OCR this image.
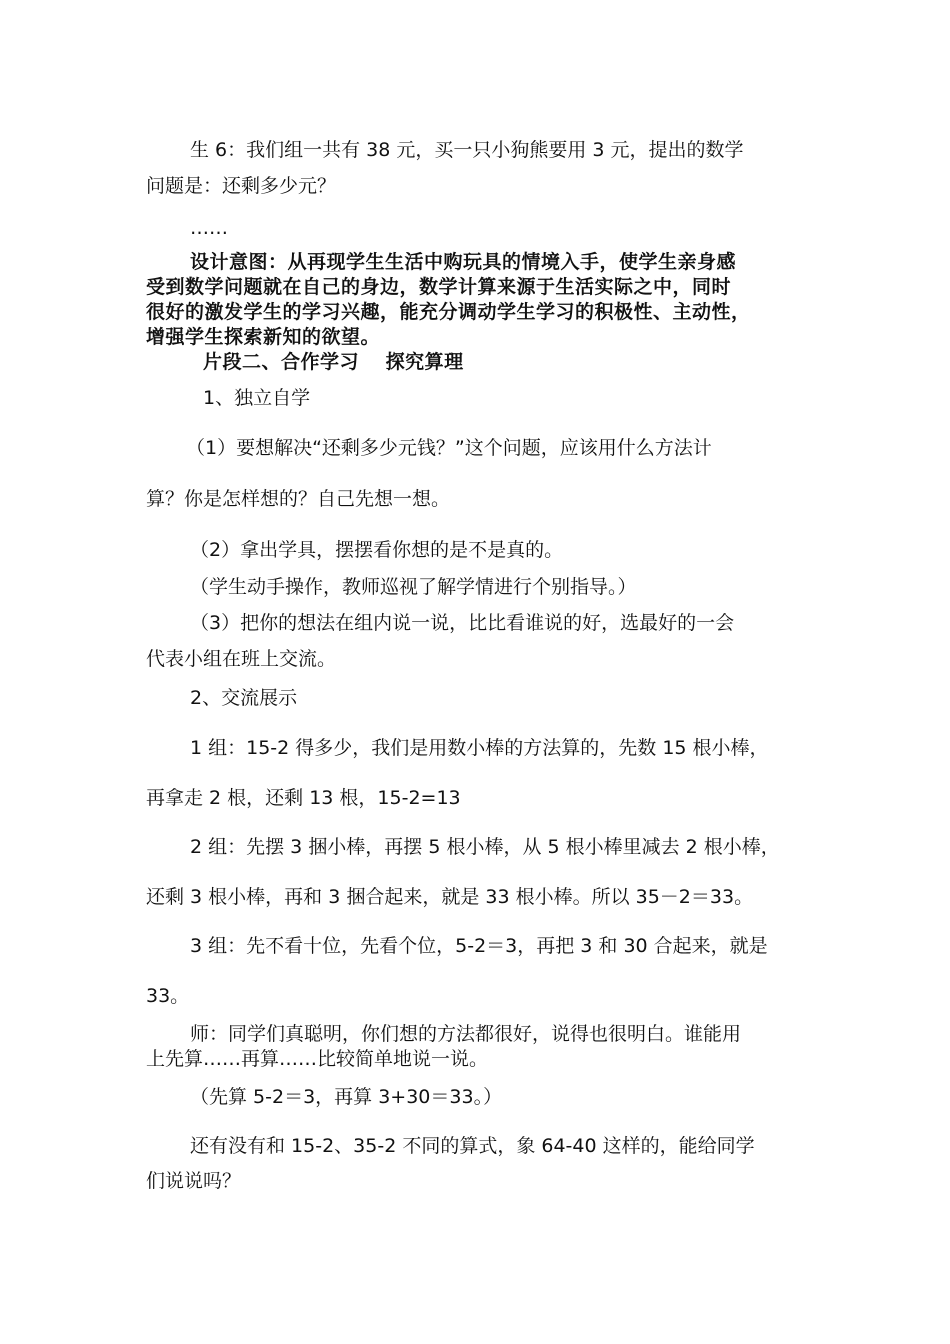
生 6：我们组一共有 38 元，买一只小狗熊要用 3 元，提出的数学
问题是：还剩多少元？
……
设计意图：从再现学生生活中购玩具的情境入手，使学生亲身感
受到数学问题就在自己的身边，数学计算来源于生活实际之中，同时
很好的激发学生的学习兴趣，能充分调动学生学习的积极性、主动性，
增强学生探索新知的欲望。
片段二、合作学习　 探究算理
1、独立自学
（1）要想解决“还剩多少元钱？”这个问题，应该用什么方法计
算？你是怎样想的？自己先想一想。
（2）拿出学具，摆摆看你想的是不是真的。
（学生动手操作，教师巡视了解学情进行个别指导。）
（3）把你的想法在组内说一说，比比看谁说的好，选最好的一会
代表小组在班上交流。
2、交流展示
1 组：15-2 得多少，我们是用数小棒的方法算的，先数 15 根小棒，
再拿走 2 根，还剩 13 根，15-2=13
2 组：先摆 3 捆小棒，再摆 5 根小棒，从 5 根小棒里减去 2 根小棒，
还剩 3 根小棒，再和 3 捆合起来，就是 33 根小棒。所以 35－2＝33。
3 组：先不看十位，先看个位，5-2＝3，再把 3 和 30 合起来，就是
33。
师：同学们真聪明，你们想的方法都很好，说得也很明白。谁能用
上先算……再算……比较简单地说一说。
（先算 5-2＝3，再算 3+30＝33。）
还有没有和 15-2、35-2 不同的算式，象 64-40 这样的，能给同学
们说说吗？
